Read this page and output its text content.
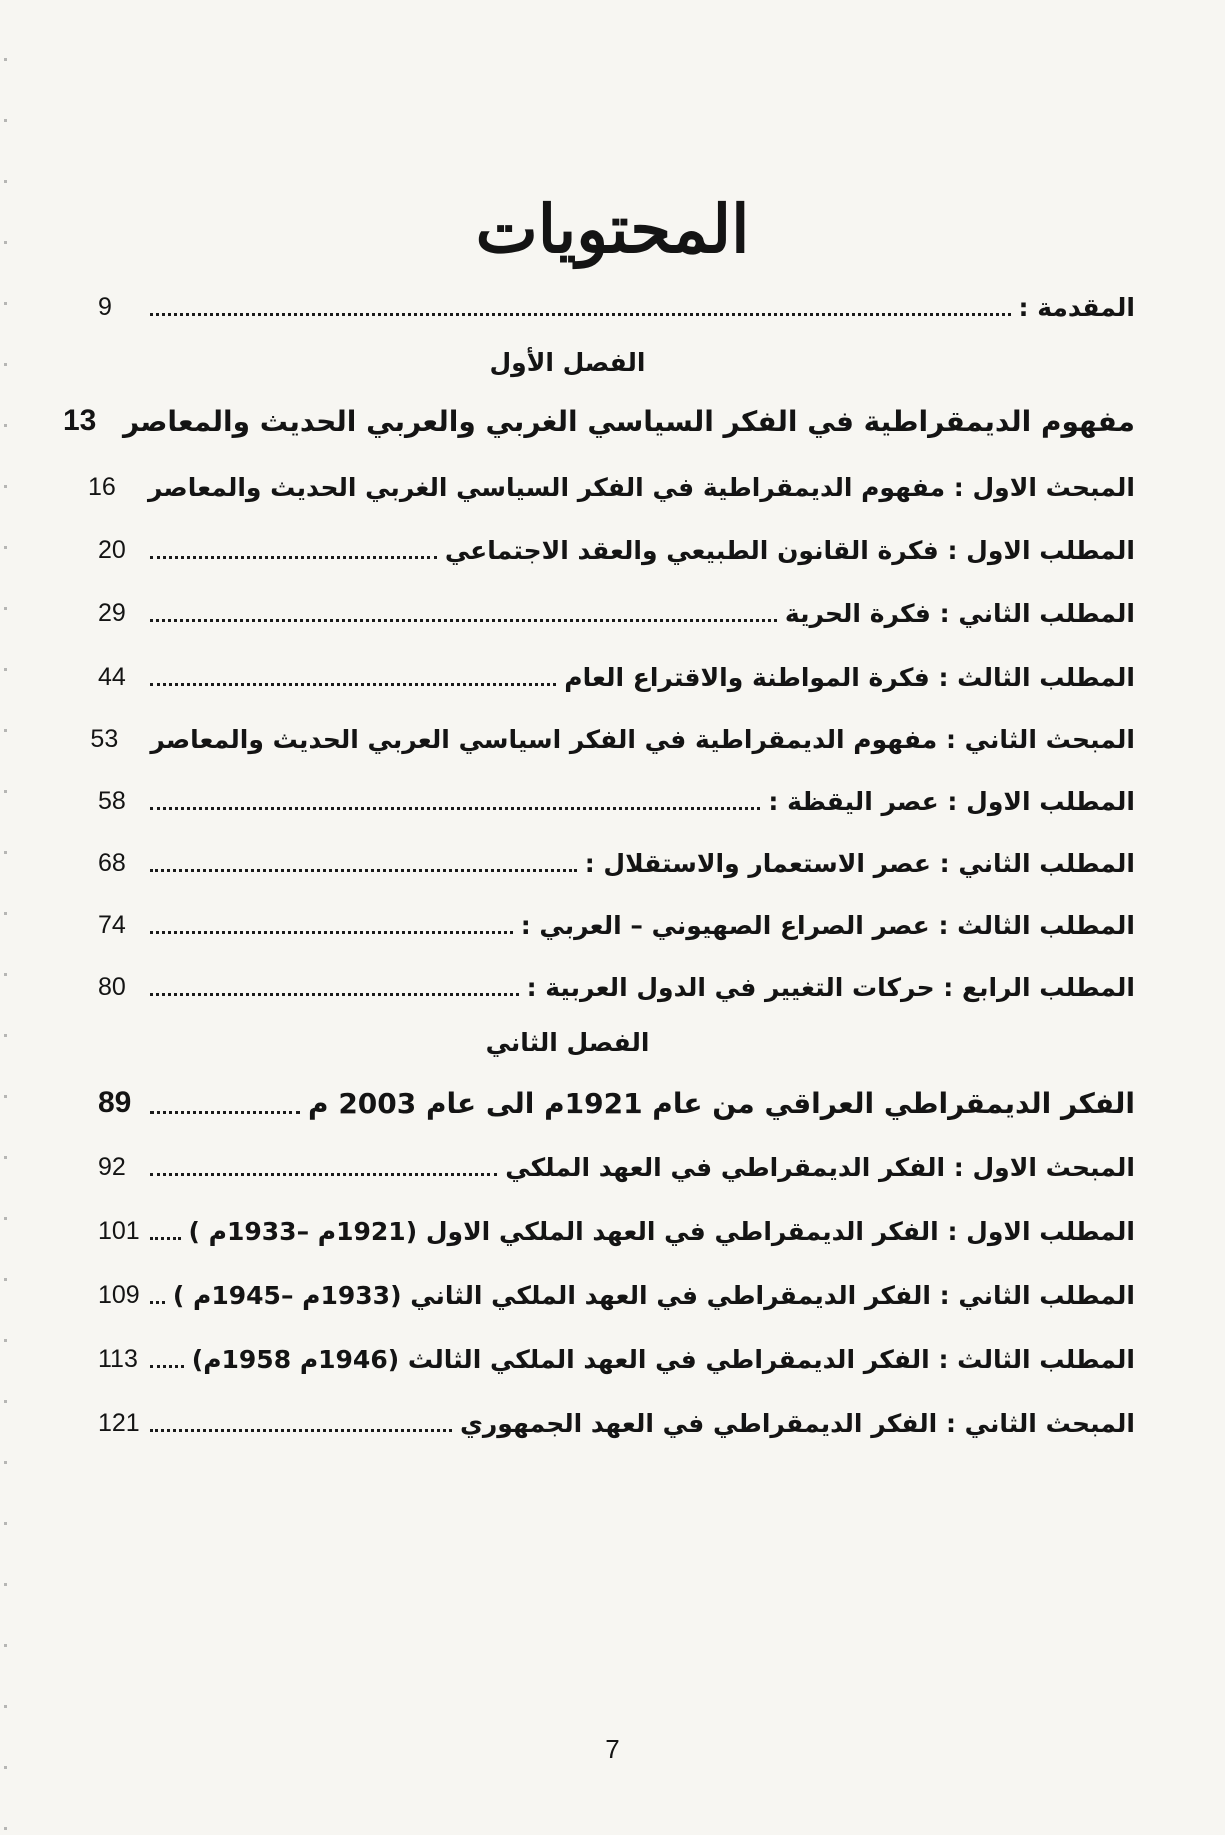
المحتويات
المقدمة :
9
الفصل الأول
مفهوم الديمقراطية في الفكر السياسي الغربي والعربي الحديث والمعاصر
13
المبحث الاول : مفهوم الديمقراطية في الفكر السياسي الغربي الحديث والمعاصر
16
المطلب الاول : فكرة القانون الطبيعي والعقد الاجتماعي
20
المطلب الثاني : فكرة الحرية
29
المطلب الثالث : فكرة المواطنة والاقتراع العام
44
المبحث الثاني : مفهوم الديمقراطية في الفكر اسياسي العربي الحديث والمعاصر
53
المطلب الاول : عصر اليقظة :
58
المطلب الثاني : عصر الاستعمار والاستقلال :
68
المطلب الثالث : عصر الصراع الصهيوني – العربي :
74
المطلب الرابع : حركات التغيير في الدول العربية :
80
الفصل الثاني
الفكر الديمقراطي العراقي من عام 1921م الى عام 2003 م
89
المبحث الاول : الفكر الديمقراطي في العهد الملكي
92
المطلب الاول : الفكر الديمقراطي في العهد الملكي الاول (1921م –1933م )
101
المطلب الثاني : الفكر الديمقراطي في العهد الملكي الثاني (1933م –1945م )
109
المطلب الثالث : الفكر الديمقراطي في العهد الملكي الثالث (1946م 1958م)
113
المبحث الثاني : الفكر الديمقراطي في العهد الجمهوري
121
7
